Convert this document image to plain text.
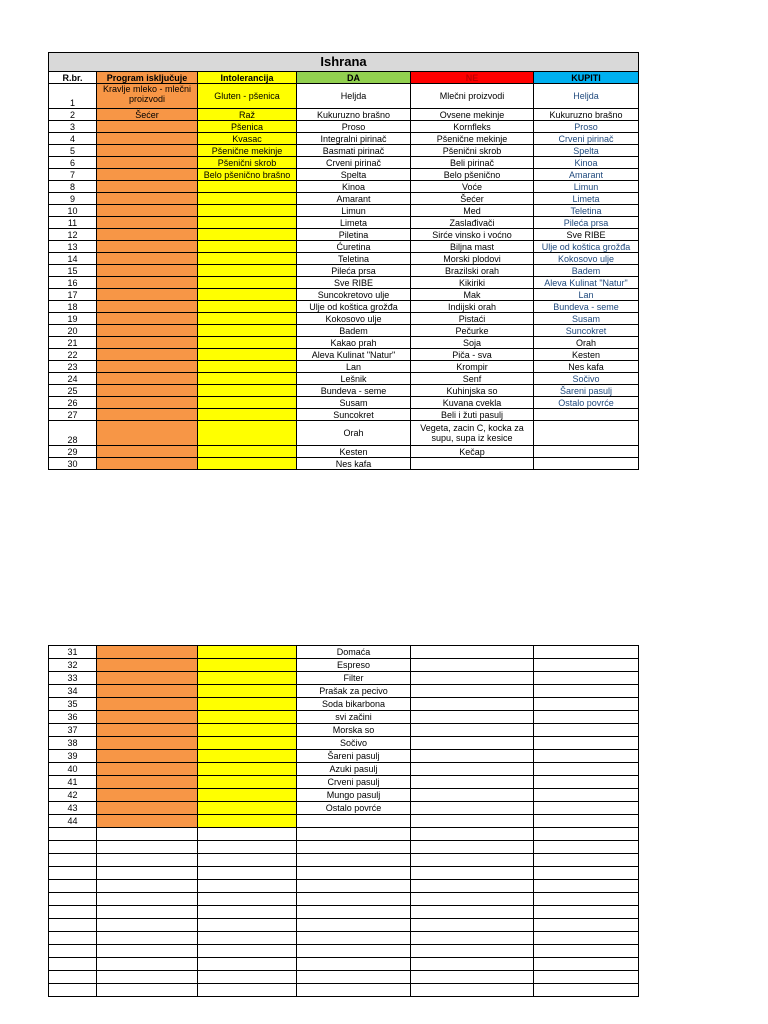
Ishrana					
R.br.	Program isključuje	Intolerancija	DA	NE	KUPITI
1	Kravlje mleko - mlečni proizvodi	Gluten - pšenica	Heljda	Mlečni proizvodi	Heljda
2	Šećer	Raž	Kukuruzno brašno	Ovsene mekinje	Kukuruzno brašno
3		Pšenica	Proso	Kornfleks	Proso
4		Kvasac	Integralni pirinač	Pšenične mekinje	Crveni pirinač
5		Pšenične mekinje	Basmati pirinač	Pšenični skrob	Spelta
6		Pšenični skrob	Crveni pirinač	Beli pirinač	Kinoa
7		Belo pšenično brašno	Spelta	Belo pšenično	Amarant
8			Kinoa	Voće	Limun
9			Amarant	Šećer	Limeta
10			Limun	Med	Teletina
11			Limeta	Zaslađivači	Pileća prsa
12			Piletina	Sirće vinsko i voćno	Sve RIBE
13			Ćuretina	Biljna mast	Ulje od koštica grožđa
14			Teletina	Morski plodovi	Kokosovo ulje
15			Pileća prsa	Brazilski orah	Badem
16			Sve RIBE	Kikiriki	Aleva Kulinat "Natur"
17			Suncokretovo ulje	Mak	Lan
18			Ulje od koštica grožđa	Indijski orah	Bundeva - seme
19			Kokosovo ulje	Pistaći	Susam
20			Badem	Pečurke	Suncokret
21			Kakao prah	Soja	Orah
22			Aleva Kulinat "Natur"	Piča - sva	Kesten
23			Lan	Krompir	Nes kafa
24			Lešnik	Senf	Sočivo
25			Bundeva - seme	Kuhinjska so	Šareni pasulj
26			Susam	Kuvana cvekla	Ostalo povrće
27			Suncokret	Beli i žuti pasulj	
28			Orah	Vegeta, zacin C, kocka za supu, supa iz kesice	
29			Kesten	Kečap	
30			Nes kafa		
31			Domaća		
32			Espreso		
33			Filter		
34			Prašak za pecivo		
35			Soda bikarbona		
36			svi začini		
37			Morska so		
38			Sočivo		
39			Šareni pasulj		
40			Azuki pasulj		
41			Crveni pasulj		
42			Mungo pasulj		
43			Ostalo povrće		
44					
